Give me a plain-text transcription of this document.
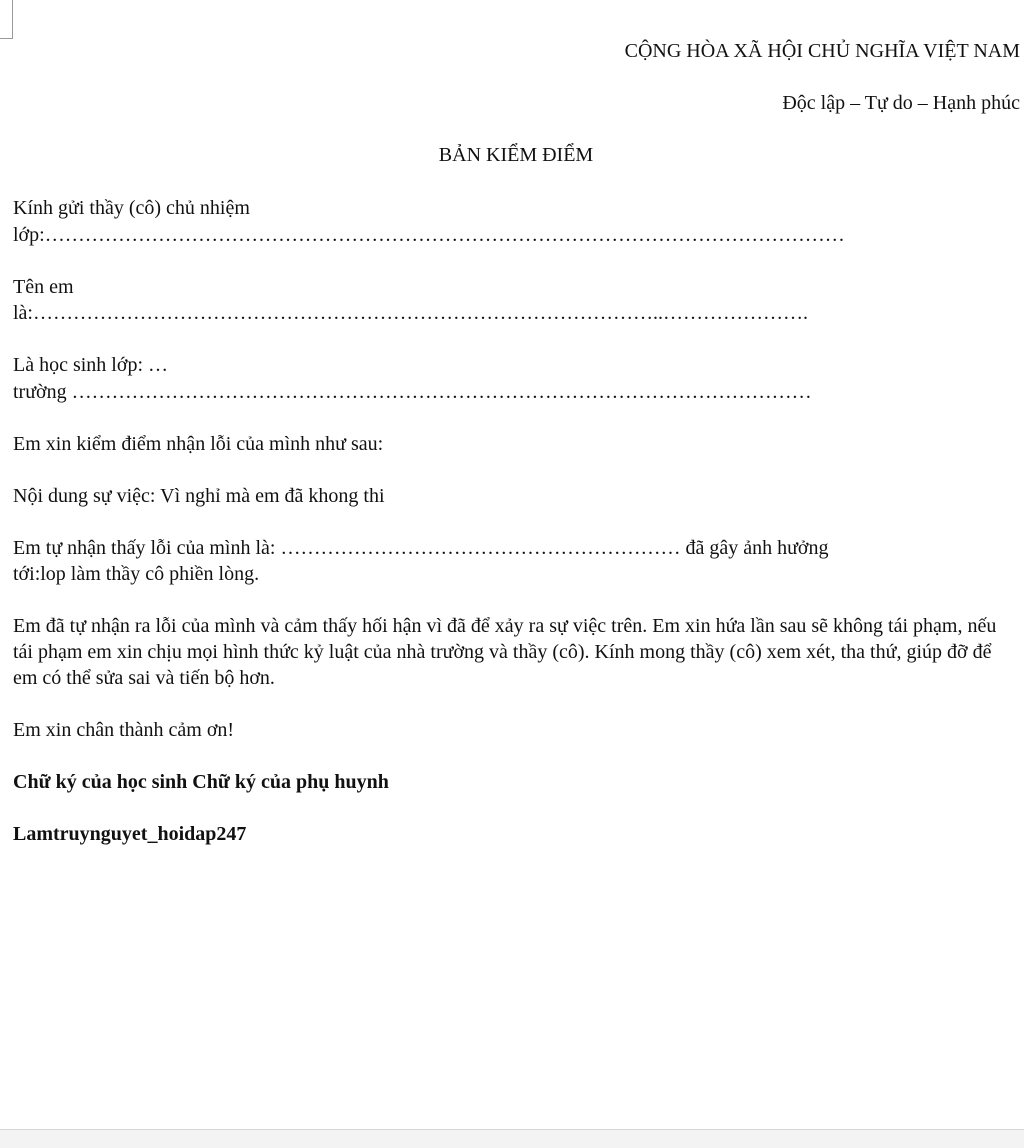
CỘNG HÒA XÃ HỘI CHỦ NGHĨA VIỆT NAM
Độc lập – Tự do – Hạnh phúc
BẢN KIỂM ĐIỂM
Kính gửi thầy (cô) chủ nhiệm
lớp:…………………………………………………………………………………………………………
Tên em
là:…………………………………………………………………………………..………………….
Là học sinh lớp: …
trường …………………………………………………………………………………………………
Em xin kiểm điểm nhận lỗi của mình như sau:
Nội dung sự việc: Vì nghỉ mà em đã khong thi
Em tự nhận thấy lỗi của mình là: …………………………………………………… đã gây ảnh hưởng
tới:lop làm thầy cô phiền lòng.
Em đã tự nhận ra lỗi của mình và cảm thấy hối hận vì đã để xảy ra sự việc trên. Em xin hứa lần sau sẽ không tái phạm, nếu tái phạm em xin chịu mọi hình thức kỷ luật của nhà trường và thầy (cô). Kính mong thầy (cô) xem xét, tha thứ, giúp đỡ để em có thể sửa sai và tiến bộ hơn.
Em xin chân thành cảm ơn!
Chữ ký của học sinh Chữ ký của phụ huynh
Lamtruynguyet_hoidap247
